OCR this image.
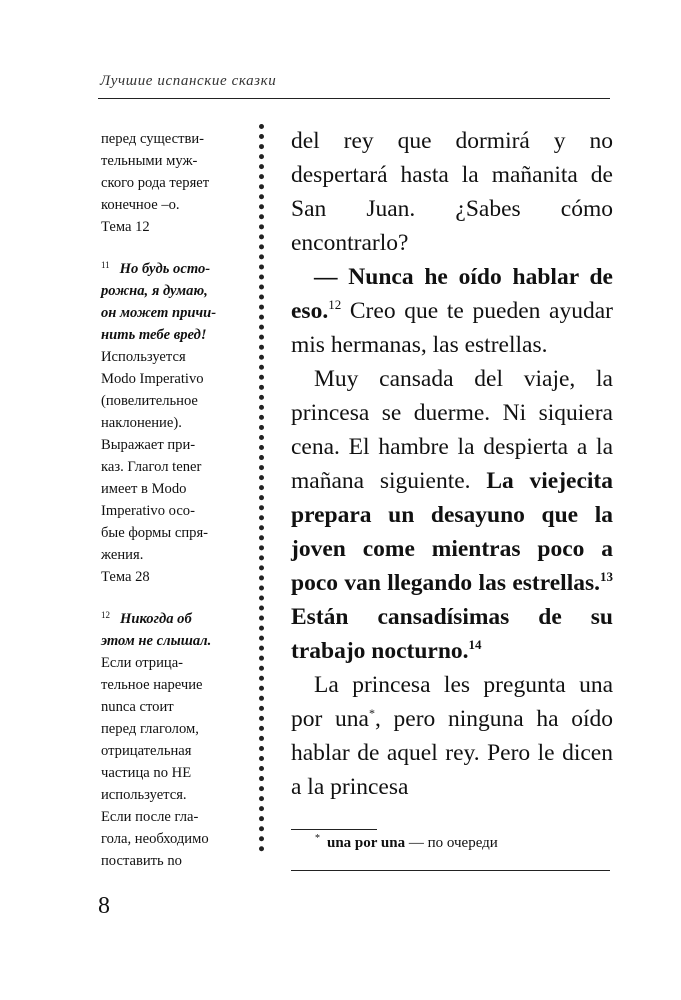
Лучшие испанские сказки

перед существи-
тельными муж-
ского рода теряет
конечное –o.
Тема 12

$^{11}$ Но будь осто-
рожна, я думаю,
он может причи-
нить тебе вред!
Используется
Modo Imperativo
(повелительное
наклонение).
Выражает при-
каз. Глагол tener
имеет в Modo
Imperativo осо-
бые формы спря-
жения.
Тема 28

$^{12}$ Никогда об
этом не слышал.
Если отрица-
тельное наречие
nunca стоит
перед глаголом,
отрицательная
частица no НЕ
используется.
Если после гла-
гола, необходимо
поставить no

del rey que dormirá y no despertará hasta la mañanita de San Juan. ¿Sabes cómo encontrarlo?

— Nunca he oído hablar de eso.$^{12}$ Creo que te pueden ayudar mis hermanas, las estrellas.

Muy cansada del viaje, la princesa se duerme. Ni siquiera cena. El hambre la despierta a la mañana siguiente. La viejecita prepara un desayuno que la joven come mientras poco a poco van llegando las estrellas.$^{13}$ Están cansadísimas de su trabajo nocturno.$^{14}$

La princesa les pregunta una por una*, pero ninguna ha oído hablar de aquel rey. Pero le dicen a la princesa

* una por una — по очереди
8
